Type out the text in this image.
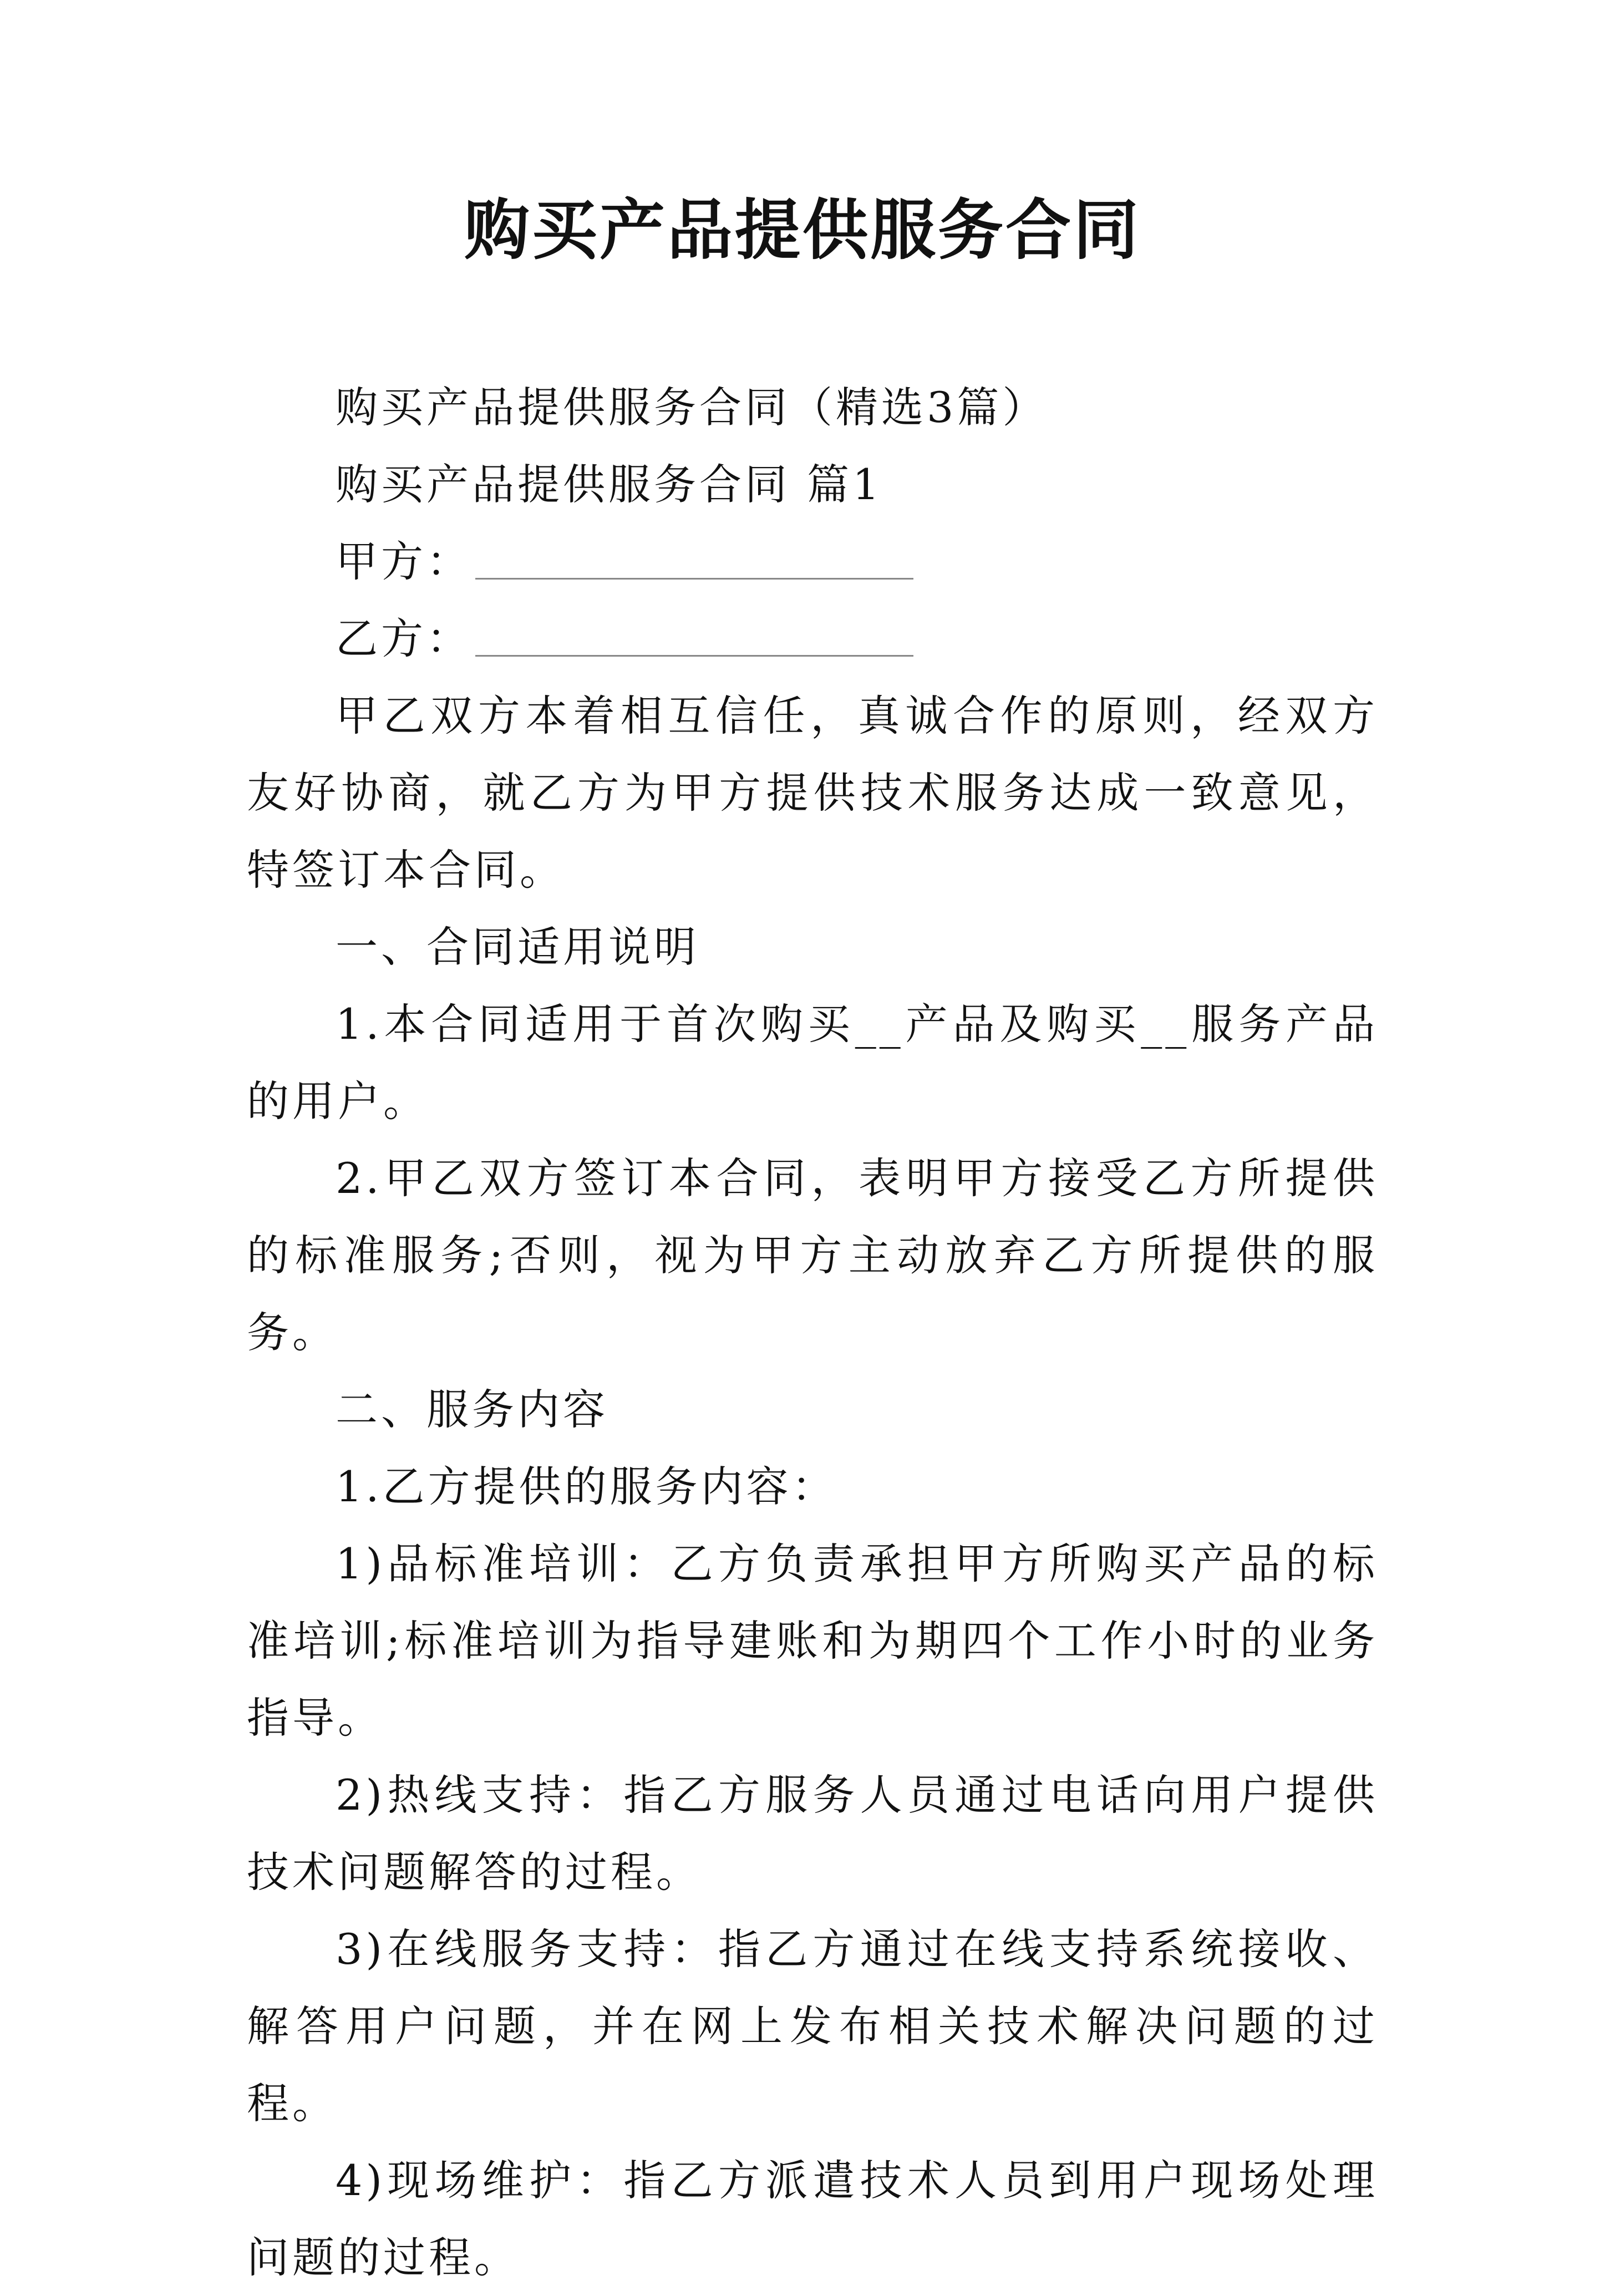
购买产品提供服务合同

购买产品提供服务合同（精选3篇）

购买产品提供服务合同 篇1

甲方：

乙方：

甲乙双方本着相互信任，真诚合作的原则，经双方友好协商，就乙方为甲方提供技术服务达成一致意见，特签订本合同。

一、合同适用说明

1.本合同适用于首次购买__产品及购买__服务产品的用户。

2.甲乙双方签订本合同，表明甲方接受乙方所提供的标准服务;否则，视为甲方主动放弃乙方所提供的服务。

二、服务内容

1.乙方提供的服务内容：

1)品标准培训：乙方负责承担甲方所购买产品的标准培训;标准培训为指导建账和为期四个工作小时的业务指导。

2)热线支持：指乙方服务人员通过电话向用户提供技术问题解答的过程。

3)在线服务支持：指乙方通过在线支持系统接收、解答用户问题，并在网上发布相关技术解决问题的过程。

4)现场维护：指乙方派遣技术人员到用户现场处理问题的过程。
